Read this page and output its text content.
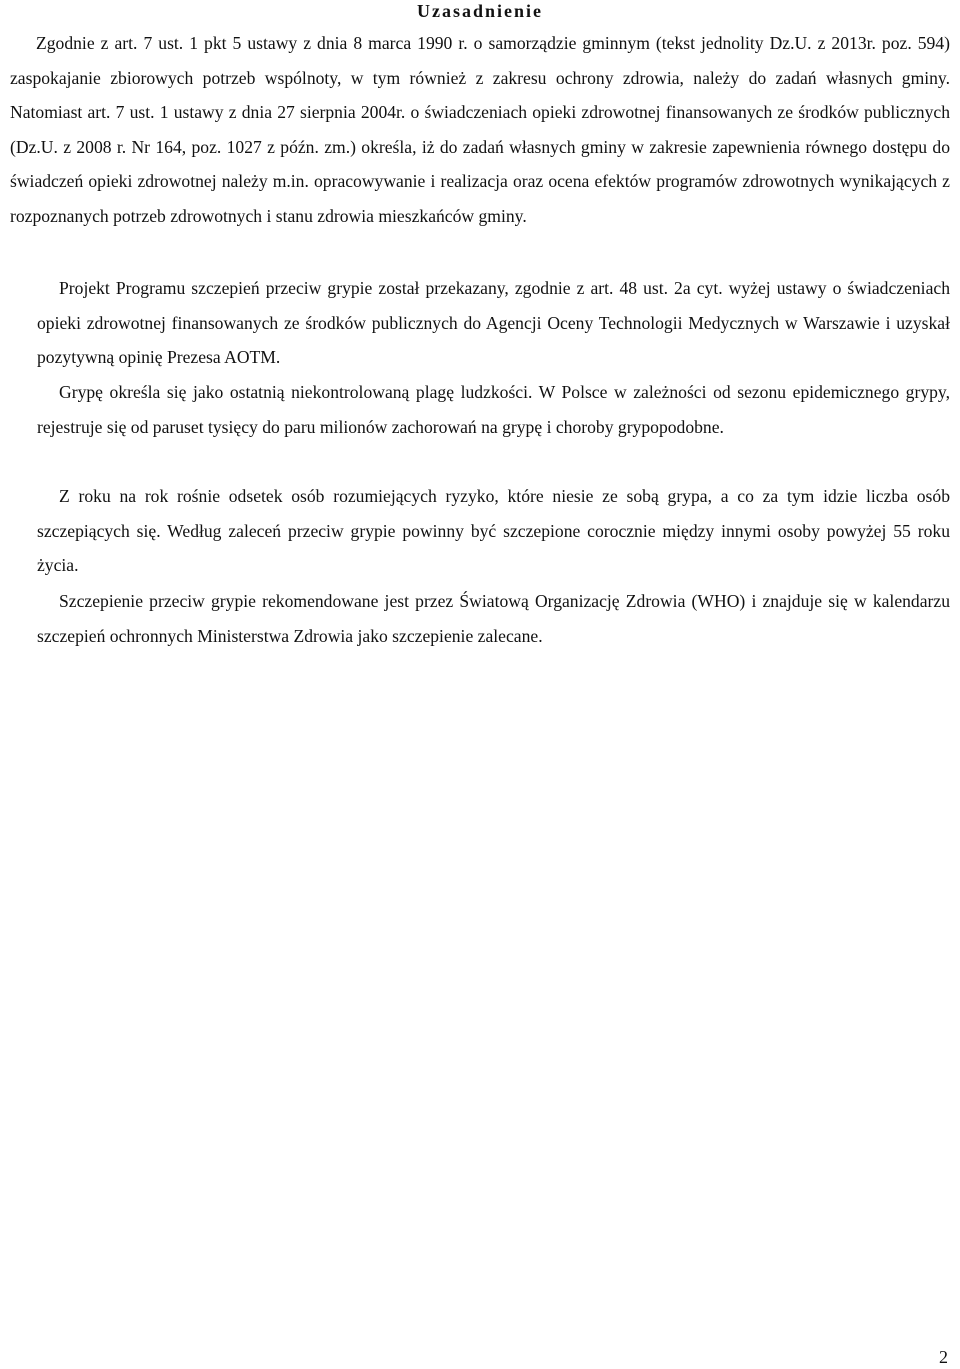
Uzasadnienie

Zgodnie z art. 7 ust. 1 pkt 5 ustawy z dnia 8 marca 1990 r. o samorządzie gminnym (tekst jednolity Dz.U. z 2013r. poz. 594) zaspokajanie zbiorowych potrzeb wspólnoty, w tym również z zakresu ochrony zdrowia, należy do zadań własnych gminy. Natomiast art. 7 ust. 1 ustawy z dnia 27 sierpnia 2004r. o świadczeniach opieki zdrowotnej finansowanych ze środków publicznych (Dz.U. z 2008 r. Nr 164, poz. 1027 z późn. zm.) określa, iż do zadań własnych gminy w zakresie zapewnienia równego dostępu do świadczeń opieki zdrowotnej należy m.in. opracowywanie i realizacja oraz ocena efektów programów zdrowotnych wynikających z rozpoznanych potrzeb zdrowotnych i stanu zdrowia mieszkańców gminy.

Projekt Programu szczepień przeciw grypie został przekazany, zgodnie z art. 48 ust. 2a cyt. wyżej ustawy o świadczeniach opieki zdrowotnej finansowanych ze środków publicznych do Agencji Oceny Technologii Medycznych w Warszawie i uzyskał pozytywną opinię Prezesa AOTM.

Grypę określa się jako ostatnią niekontrolowaną plagę ludzkości. W Polsce w zależności od sezonu epidemicznego grypy, rejestruje się od paruset tysięcy do paru milionów zachorowań na grypę i choroby grypopodobne.

Z roku na rok rośnie odsetek osób rozumiejących ryzyko, które niesie ze sobą grypa, a co za tym idzie liczba osób szczepiących się. Według zaleceń przeciw grypie powinny być szczepione corocznie między innymi osoby powyżej 55 roku życia.

Szczepienie przeciw grypie rekomendowane jest przez Światową Organizację Zdrowia (WHO) i znajduje się w kalendarzu szczepień ochronnych Ministerstwa Zdrowia jako szczepienie zalecane.

2
